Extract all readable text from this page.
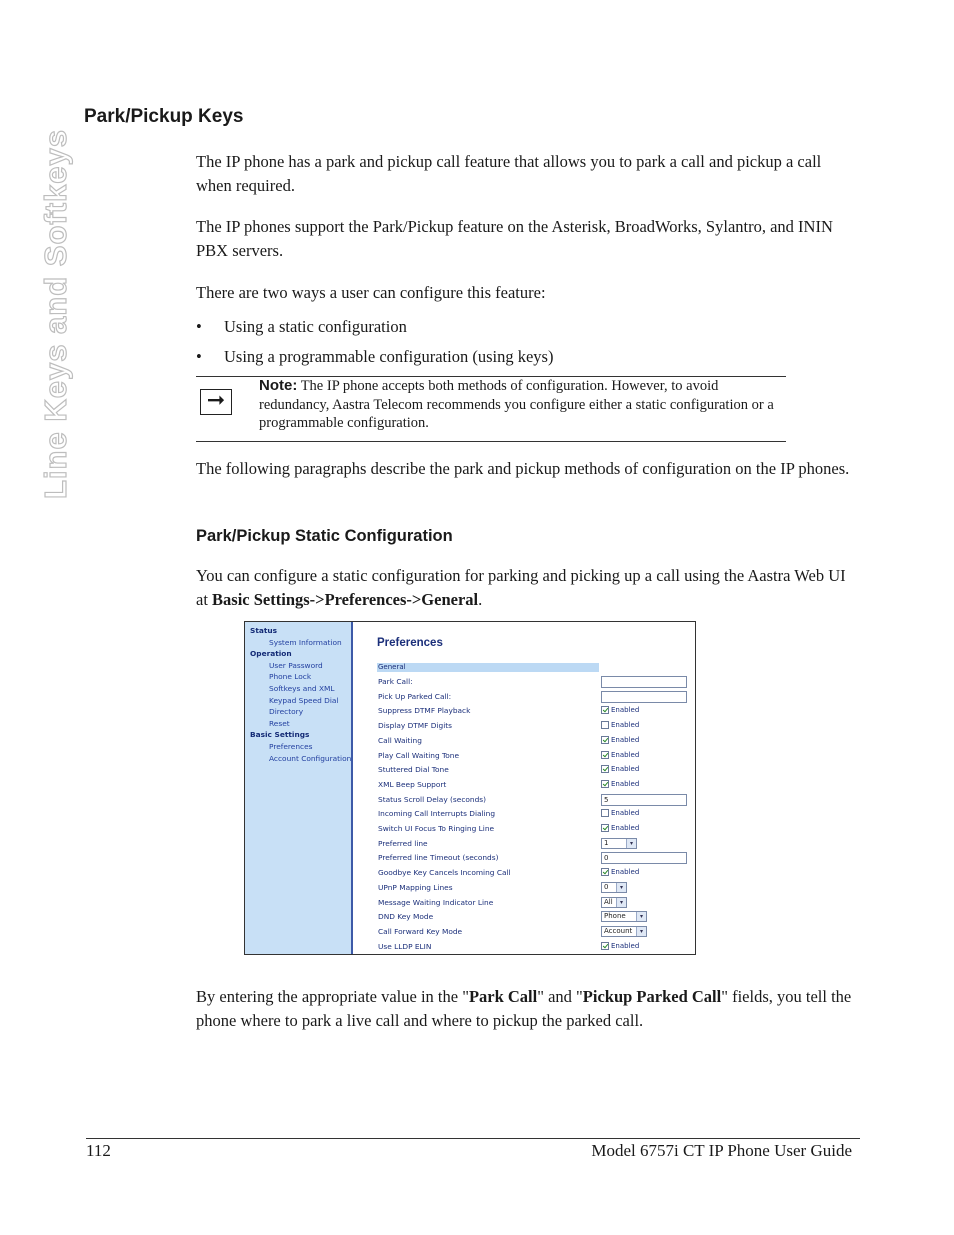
Line Keys and Softkeys
Park/Pickup Keys

The IP phone has a park and pickup call feature that allows you to park a call and pickup a call when required.

The IP phones support the Park/Pickup feature on the Asterisk, BroadWorks, Sylantro, and ININ PBX servers.

There are two ways a user can configure this feature:

• Using a static configuration
• Using a programmable configuration (using keys)
➞
Note: The IP phone accepts both methods of configuration. However, to avoid redundancy, Aastra Telecom recommends you configure either a static configuration or a programmable configuration.

The following paragraphs describe the park and pickup methods of configuration on the IP phones.

Park/Pickup Static Configuration

You can configure a static configuration for parking and picking up a call using the Aastra Web UI at Basic Settings->Preferences->General.

Status
System Information
Operation
User Password
Phone Lock
Softkeys and XML
Keypad Speed Dial
Directory
Reset
Basic Settings
Preferences
Account Configuration
Preferences
General
Park Call:
Pick Up Parked Call:
Suppress DTMF Playback	Enabled
Display DTMF Digits	Enabled
Call Waiting	Enabled
Play Call Waiting Tone	Enabled
Stuttered Dial Tone	Enabled
XML Beep Support	Enabled
Status Scroll Delay (seconds)	5
Incoming Call Interrupts Dialing	Enabled
Switch UI Focus To Ringing Line	Enabled
Preferred line	1	▾
Preferred line Timeout (seconds)	0
Goodbye Key Cancels Incoming Call	Enabled
UPnP Mapping Lines	0	▾
Message Waiting Indicator Line	All	▾
DND Key Mode	Phone	▾
Call Forward Key Mode	Account	▾
Use LLDP ELIN	Enabled

By entering the appropriate value in the "Park Call" and "Pickup Parked Call" fields, you tell the phone where to park a live call and where to pickup the parked call.

112	Model 6757i CT IP Phone User Guide
